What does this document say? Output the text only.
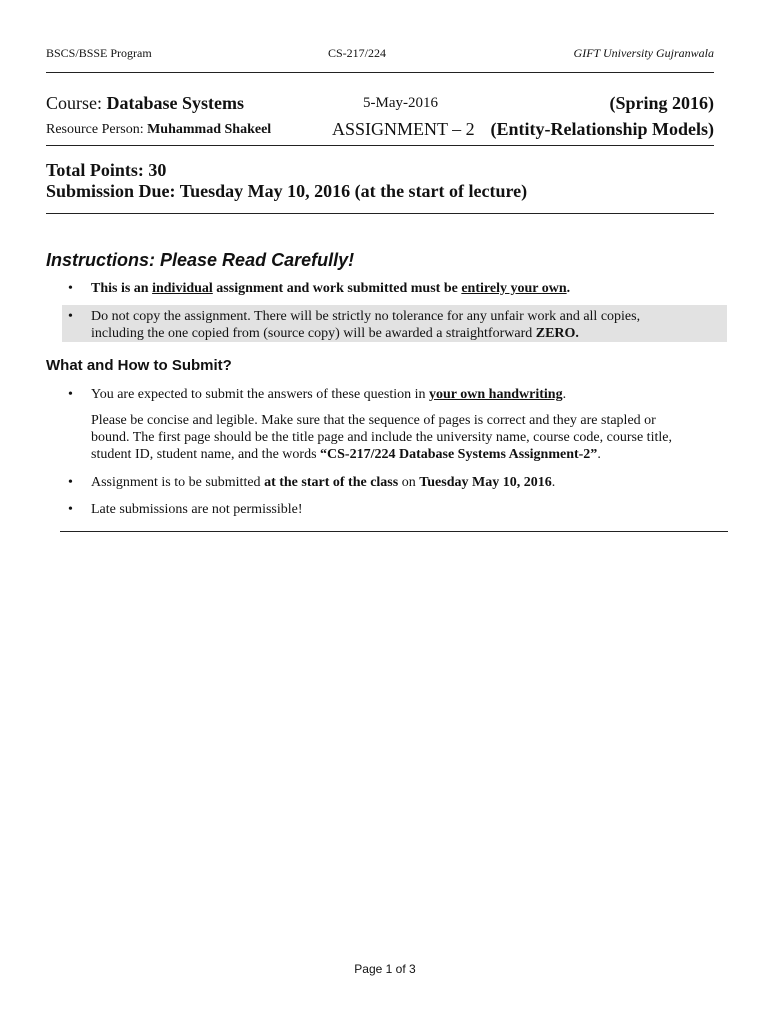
BSCS/BSSE Program	CS-217/224	GIFT University Gujranwala
Course: Database Systems	5-May-2016	(Spring 2016)
Resource Person: Muhammad Shakeel	ASSIGNMENT – 2 (Entity-Relationship Models)
Total Points: 30
Submission Due: Tuesday May 10, 2016 (at the start of lecture)
Instructions: Please Read Carefully!
• This is an individual assignment and work submitted must be entirely your own.
• Do not copy the assignment. There will be strictly no tolerance for any unfair work and all copies,
including the one copied from (source copy) will be awarded a straightforward ZERO.
What and How to Submit?
• You are expected to submit the answers of these question in your own handwriting.
Please be concise and legible. Make sure that the sequence of pages is correct and they are stapled or
bound. The first page should be the title page and include the university name, course code, course title,
student ID, student name, and the words “CS-217/224 Database Systems Assignment-2”.
• Assignment is to be submitted at the start of the class on Tuesday May 10, 2016.
• Late submissions are not permissible!
Page 1 of 3
